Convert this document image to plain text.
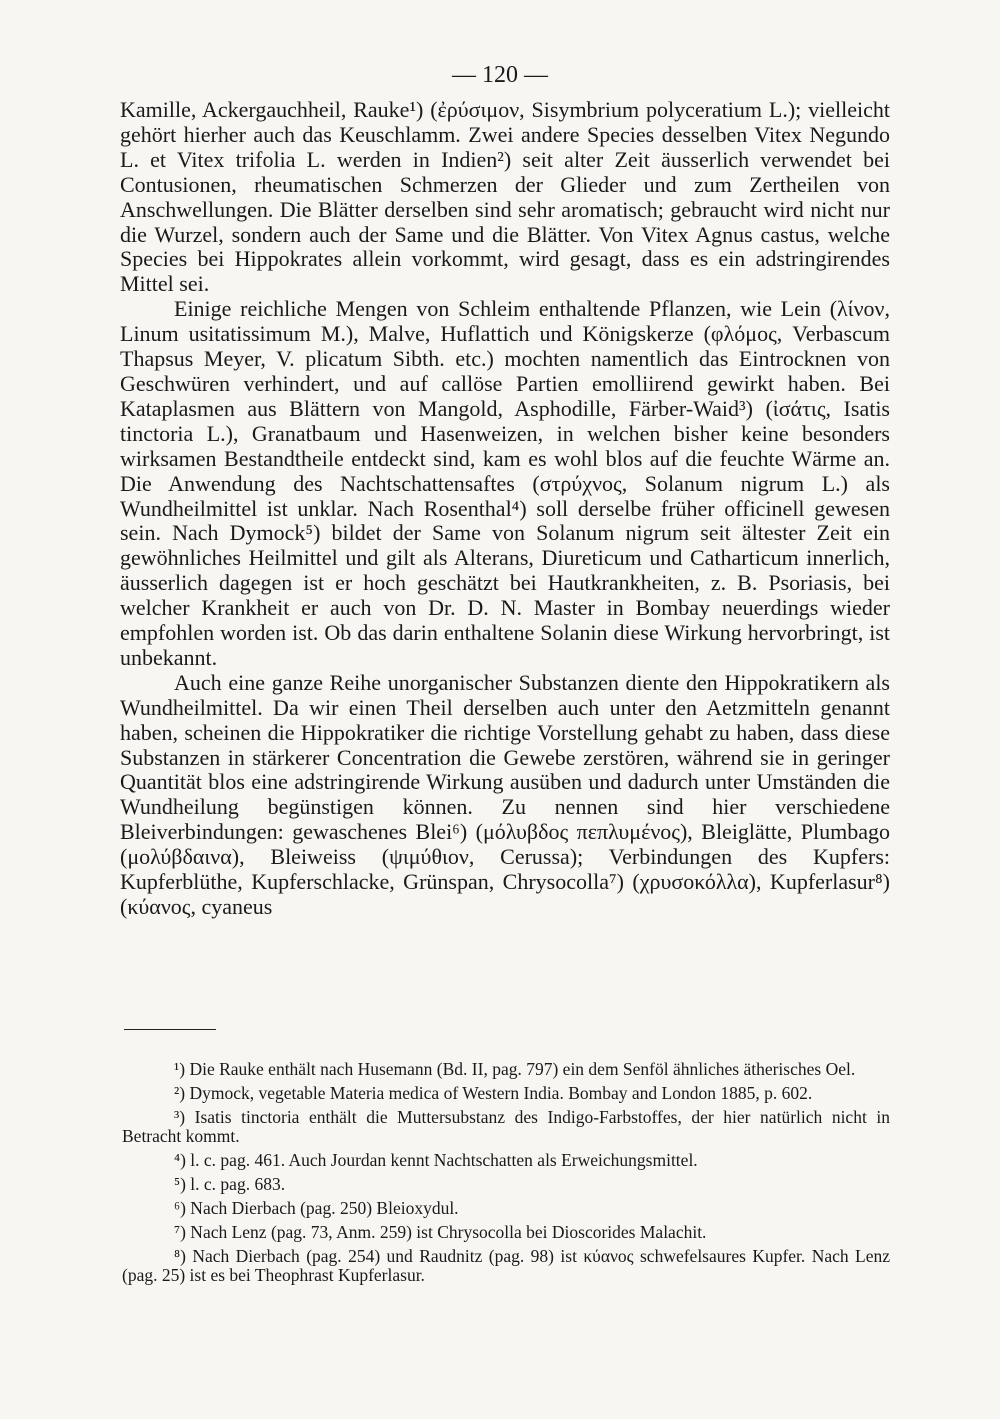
— 120 —

Kamille, Ackergauchheil, Rauke¹) (ἐρύσιμον, Sisymbrium polyceratium L.); vielleicht gehört hierher auch das Keuschlamm. Zwei andere Species desselben Vitex Negundo L. et Vitex trifolia L. werden in Indien²) seit alter Zeit äusserlich verwendet bei Contusionen, rheumatischen Schmerzen der Glieder und zum Zertheilen von Anschwellungen. Die Blätter derselben sind sehr aromatisch; gebraucht wird nicht nur die Wurzel, sondern auch der Same und die Blätter. Von Vitex Agnus castus, welche Species bei Hippokrates allein vorkommt, wird gesagt, dass es ein adstringirendes Mittel sei.

Einige reichliche Mengen von Schleim enthaltende Pflanzen, wie Lein (λίνον, Linum usitatissimum M.), Malve, Huflattich und Königskerze (φλόμος, Verbascum Thapsus Meyer, V. plicatum Sibth. etc.) mochten namentlich das Eintrocknen von Geschwüren verhindert, und auf callöse Partien emolliirend gewirkt haben. Bei Kataplasmen aus Blättern von Mangold, Asphodille, Färber-Waid³) (ἰσάτις, Isatis tinctoria L.), Granatbaum und Hasenweizen, in welchen bisher keine besonders wirksamen Bestandtheile entdeckt sind, kam es wohl blos auf die feuchte Wärme an. Die Anwendung des Nachtschattensaftes (στρύχνος, Solanum nigrum L.) als Wundheilmittel ist unklar. Nach Rosenthal⁴) soll derselbe früher officinell gewesen sein. Nach Dymock⁵) bildet der Same von Solanum nigrum seit ältester Zeit ein gewöhnliches Heilmittel und gilt als Alterans, Diureticum und Catharticum innerlich, äusserlich dagegen ist er hoch geschätzt bei Hautkrankheiten, z. B. Psoriasis, bei welcher Krankheit er auch von Dr. D. N. Master in Bombay neuerdings wieder empfohlen worden ist. Ob das darin enthaltene Solanin diese Wirkung hervorbringt, ist unbekannt.

Auch eine ganze Reihe unorganischer Substanzen diente den Hippokratikern als Wundheilmittel. Da wir einen Theil derselben auch unter den Aetzmitteln genannt haben, scheinen die Hippokratiker die richtige Vorstellung gehabt zu haben, dass diese Substanzen in stärkerer Concentration die Gewebe zerstören, während sie in geringer Quantität blos eine adstringirende Wirkung ausüben und dadurch unter Umständen die Wundheilung begünstigen können. Zu nennen sind hier verschiedene Bleiverbindungen: gewaschenes Blei⁶) (μόλυβδος πεπλυμένος), Bleiglätte, Plumbago (μολύβδαινα), Bleiweiss (ψιμύθιον, Cerussa); Verbindungen des Kupfers: Kupferblüthe, Kupferschlacke, Grünspan, Chrysocolla⁷) (χρυσοκόλλα), Kupferlasur⁸) (κύανος, cyaneus

¹) Die Rauke enthält nach Husemann (Bd. II, pag. 797) ein dem Senföl ähnliches ätherisches Oel.

²) Dymock, vegetable Materia medica of Western India. Bombay and London 1885, p. 602.

³) Isatis tinctoria enthält die Muttersubstanz des Indigo-Farbstoffes, der hier natürlich nicht in Betracht kommt.

⁴) l. c. pag. 461. Auch Jourdan kennt Nachtschatten als Erweichungsmittel.

⁵) l. c. pag. 683.

⁶) Nach Dierbach (pag. 250) Bleioxydul.

⁷) Nach Lenz (pag. 73, Anm. 259) ist Chrysocolla bei Dioscorides Malachit.

⁸) Nach Dierbach (pag. 254) und Raudnitz (pag. 98) ist κύανος schwefelsaures Kupfer. Nach Lenz (pag. 25) ist es bei Theophrast Kupferlasur.
